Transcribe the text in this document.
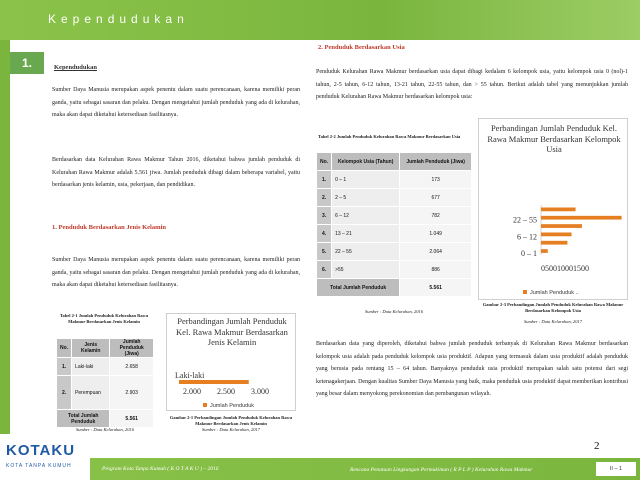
Kependudukan
1.	Kependudukan
Sumber Daya Manusia merupakan aspek penentu dalam suatu perencanaan, karena memiliki peran ganda, yaitu sebagai sasaran dan pelaku. Dengan mengetahui jumlah penduduk yang ada di kelurahan, maka akan dapat diketahui ketersediaan fasilitasnya.
Berdasarkan data Kelurahan Rawa Makmur Tahun 2016, diketahui bahwa jumlah penduduk di Kelurahan Rawa Makmur adalah 5.561 jiwa. Jumlah penduduk dibagi dalam beberapa variabel, yaitu berdasarkan jenis kelamin, usia, pekerjaan, dan pendidikan.
1. Penduduk Berdasarkan Jenis Kelamin
Sumber Daya Manusia merupakan aspek penentu dalam suatu perencanaan, karena memiliki peran ganda, yaitu sebagai sasaran dan pelaku. Dengan mengetahui jumlah penduduk yang ada di kelurahan, maka akan dapat diketahui ketersediaan fasilitasnya.
Tabel 2-1 Jumlah Penduduk Kelurahan Rawa Makmur Berdasarkan Jenis Kelamin
No.	Jenis Kelamin	Jumlah Penduduk (Jiwa)
1.	Laki-laki	2.658
2.	Perempuan	2.903
Total Jumlah Penduduk		5.561
Sumber : Data Kelurahan, 2016
Perbandingan Jumlah Penduduk Kel. Rawa Makmur Berdasarkan Jenis Kelamin
Laki-laki
2.000 2.500 3.000
Jumlah Penduduk
Gambar 2-1 Perbandingan Jumlah Penduduk Kelurahan Rawa Makmur Berdasarkan Jenis Kelamin
Sumber : Data Kelurahan, 2017
2. Penduduk Berdasarkan Usia
Penduduk Kelurahan Rawa Makmur berdasarkan usia dapat dibagi kedalam 6 kelompok usia, yaitu kelompok usia 0 (nol)-1 tahun, 2-5 tahun, 6-12 tahun, 13-21 tahun, 22-55 tahun, dan > 55 tahun. Berikut adalah tabel yang menunjukkan jumlah penduduk Kelurahan Rawa Makmur berdasarkan kelompok usia:
Tabel 2-2 Jumlah Penduduk Kelurahan Rawa Makmur Berdasarkan Usia
No.	Kelompok Usia (Tahun)	Jumlah Penduduk (Jiwa)
1.	0 – 1	173
2.	2 – 5	677
3.	6 – 12	782
4.	13 – 21	1.049
5.	22 – 55	2.064
6.	>55	886
Total Jumlah Penduduk		5.561
Sumber : Data Kelurahan, 2016
Perbandingan Jumlah Penduduk Kel. Rawa Makmur Berdasarkan Kelompok Usia
0 – 1
6 – 12
22 – 55
050010001500
Jumlah Penduduk ..
Gambar 2-3 Perbandingan Jumlah Penduduk Kelurahan Rawa Makmur Berdasarkan Kelompok Usia
Sumber : Data Kelurahan, 2017
Berdasarkan data yang diperoleh, diketahui bahwa jumlah penduduk terbanyak di Kelurahan Rawa Makmur berdasarkan kelompok usia adalah pada penduduk kelompok usia produktif. Adapun yang termasuk dalam usia produktif adalah penduduk yang berusia pada rentang 15 – 64 tahun. Banyaknya penduduk usia produktif merupakan salah satu potensi dari segi ketenagakerjaan. Dengan kualitas Sumber Daya Manusia yang baik, maka penduduk usia produktif dapat memberikan kontribusi yang besar dalam menyokong perekonomian dan pembangunan wilayah.
2
KOTAKU
KOTA TANPA KUMUH	Program Kota Tanpa Kumuh ( K O T A K U ) – 2016	Rencana Penataan Lingkungan Permukiman ( R P L P ) Kelurahan Rawa Makmur	II – 1
